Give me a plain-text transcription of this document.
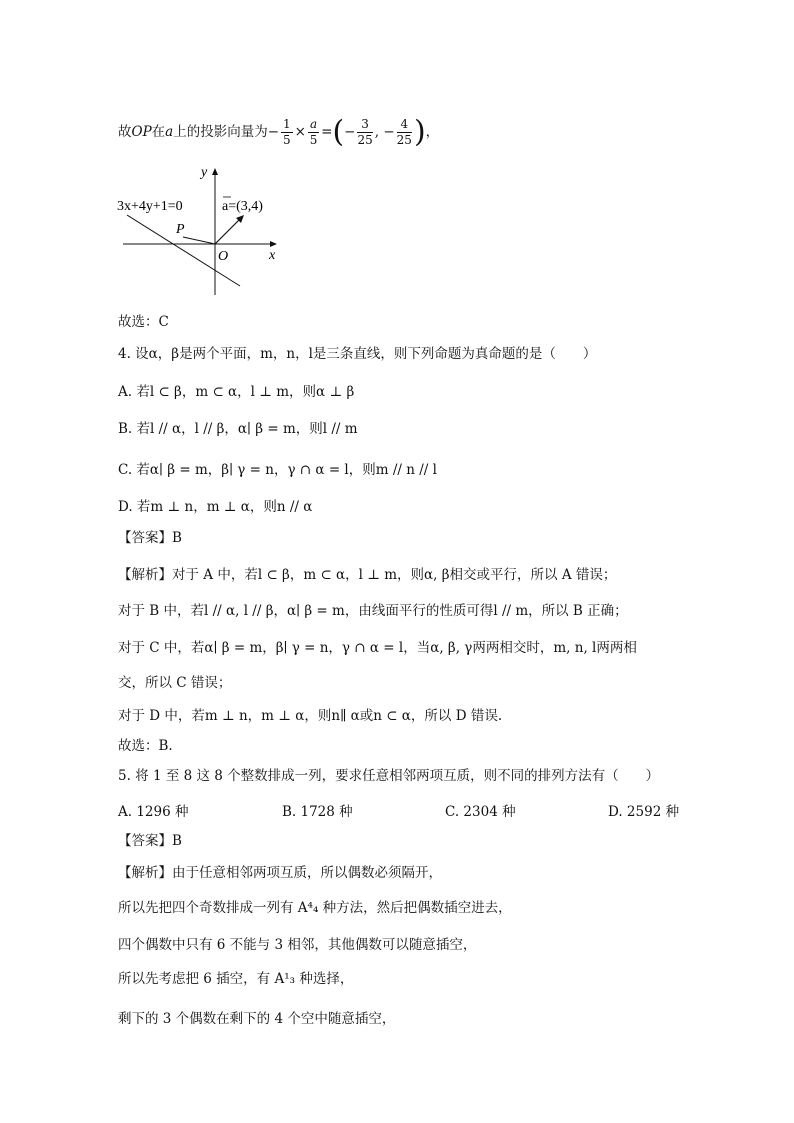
故OP在a上的投影向量为− $\frac{1}{5} \times \frac{a}{5}$ =(− $\frac{3}{25}$ , − $\frac{4}{25}$ )，
y
x
O
P
3x+4y+1=0	a=(3,4)
故选：C
4. 设α，β是两个平面，m，n，l是三条直线，则下列命题为真命题的是（　　）
A. 若l ⊂ β，m ⊂ α，l ⊥ m，则α ⊥ β
B. 若l // α，l // β，α∣ β = m，则l // m
C. 若α∣ β = m，β∣ γ = n，γ ∩ α = l，则m // n // l
D. 若m ⊥ n，m ⊥ α，则n // α
【答案】B
【解析】对于 A 中，若l ⊂ β，m ⊂ α，l ⊥ m，则α, β相交或平行，所以 A 错误；
对于 B 中，若l // α, l // β，α∣ β = m，由线面平行的性质可得l // m，所以 B 正确；
对于 C 中，若α∣ β = m，β∣ γ = n，γ ∩ α = l，当α, β, γ两两相交时，m, n, l两两相
交，所以 C 错误；
对于 D 中，若m ⊥ n，m ⊥ α，则n∥ α或n ⊂ α，所以 D 错误.
故选：B.
5. 将 1 至 8 这 8 个整数排成一列，要求任意相邻两项互质，则不同的排列方法有（　　）
A. 1296 种	B. 1728 种	C. 2304 种	D. 2592 种
【答案】B
【解析】由于任意相邻两项互质，所以偶数必须隔开，
所以先把四个奇数排成一列有 A⁴₄ 种方法，然后把偶数插空进去，
四个偶数中只有 6 不能与 3 相邻，其他偶数可以随意插空，
所以先考虑把 6 插空，有 A¹₃ 种选择，
剩下的 3 个偶数在剩下的 4 个空中随意插空，
